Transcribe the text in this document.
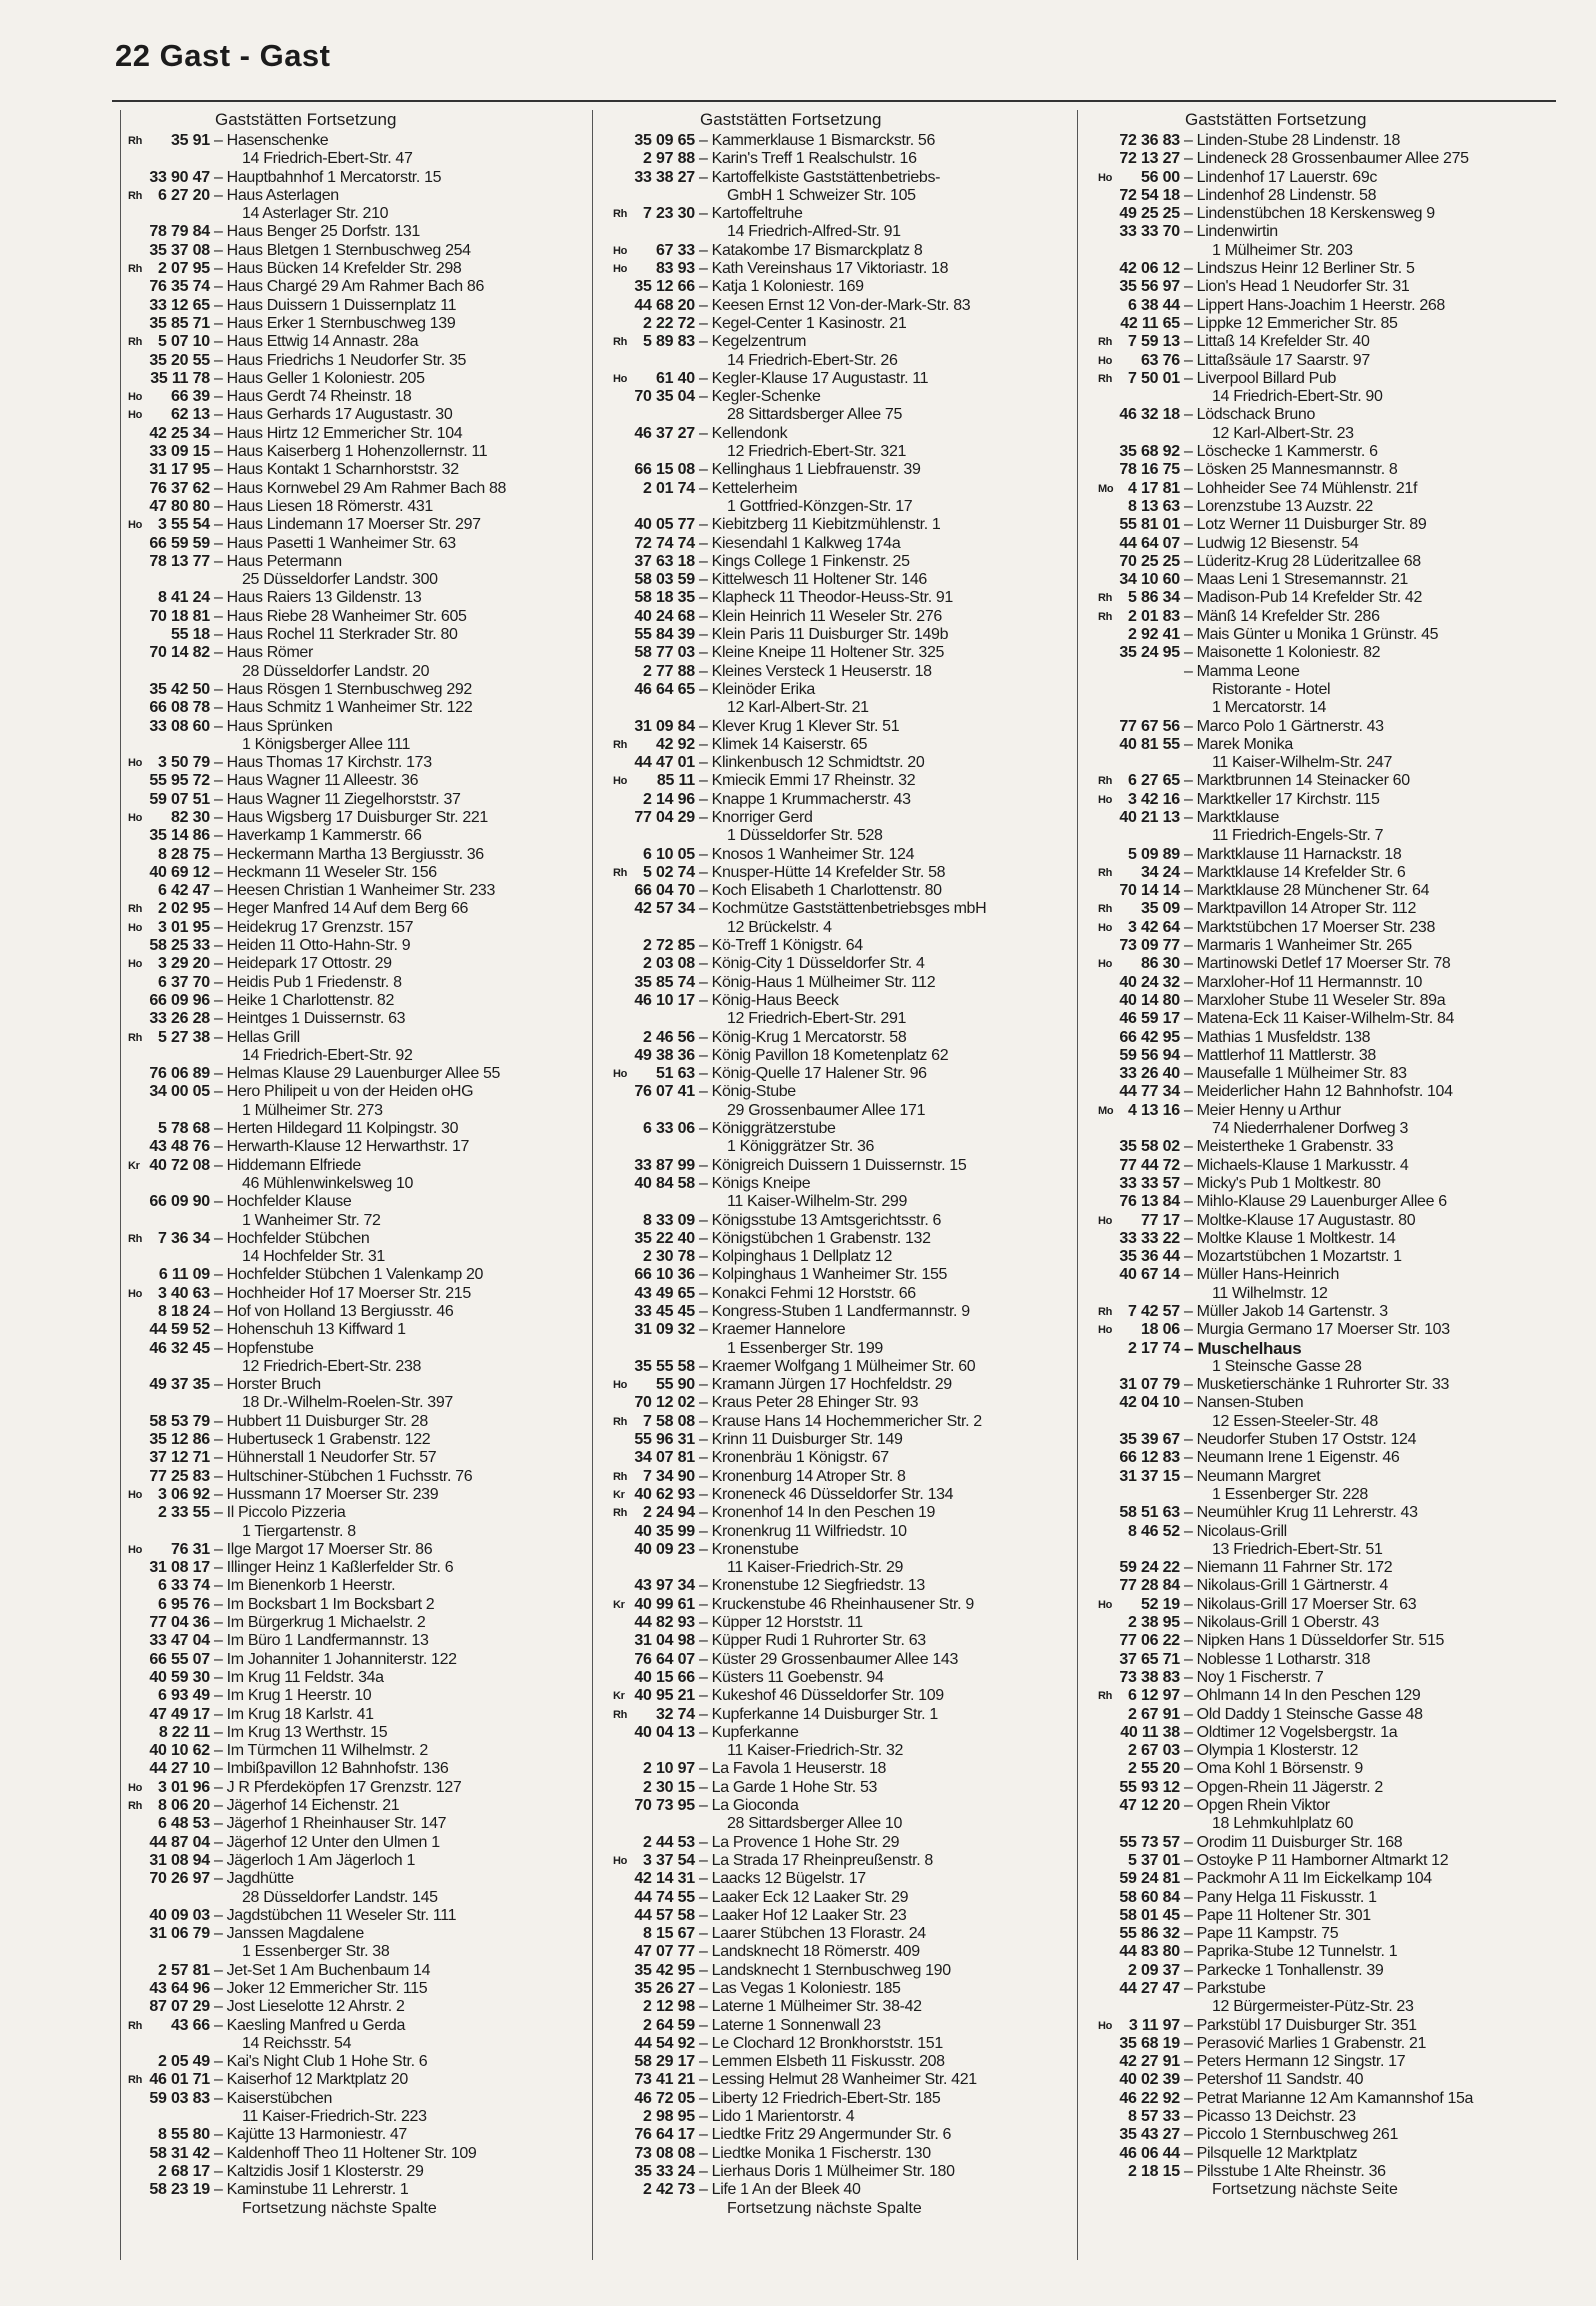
22 Gast - Gast
Gaststätten Fortsetzung
Rh	35 91 – Hasenschenke
14 Friedrich-Ebert-Str. 47
33 90 47 – Hauptbahnhof 1 Mercatorstr. 15
Rh	6 27 20 – Haus Asterlagen
14 Asterlager Str. 210
78 79 84 – Haus Benger 25 Dorfstr. 131
35 37 08 – Haus Bletgen 1 Sternbuschweg 254
Rh	2 07 95 – Haus Bücken 14 Krefelder Str. 298
76 35 74 – Haus Chargé 29 Am Rahmer Bach 86
33 12 65 – Haus Duissern 1 Duissernplatz 11
35 85 71 – Haus Erker 1 Sternbuschweg 139
Rh	5 07 10 – Haus Ettwig 14 Annastr. 28a
35 20 55 – Haus Friedrichs 1 Neudorfer Str. 35
35 11 78 – Haus Geller 1 Koloniestr. 205
Ho	66 39 – Haus Gerdt 74 Rheinstr. 18
Ho	62 13 – Haus Gerhards 17 Augustastr. 30
42 25 34 – Haus Hirtz 12 Emmericher Str. 104
33 09 15 – Haus Kaiserberg 1 Hohenzollernstr. 11
31 17 95 – Haus Kontakt 1 Scharnhorststr. 32
76 37 62 – Haus Kornwebel 29 Am Rahmer Bach 88
47 80 80 – Haus Liesen 18 Römerstr. 431
Ho	3 55 54 – Haus Lindemann 17 Moerser Str. 297
66 59 59 – Haus Pasetti 1 Wanheimer Str. 63
78 13 77 – Haus Petermann
25 Düsseldorfer Landstr. 300
8 41 24 – Haus Raiers 13 Gildenstr. 13
70 18 81 – Haus Riebe 28 Wanheimer Str. 605
55 18 – Haus Rochel 11 Sterkrader Str. 80
70 14 82 – Haus Römer
28 Düsseldorfer Landstr. 20
35 42 50 – Haus Rösgen 1 Sternbuschweg 292
66 08 78 – Haus Schmitz 1 Wanheimer Str. 122
33 08 60 – Haus Sprünken
1 Königsberger Allee 111
Ho	3 50 79 – Haus Thomas 17 Kirchstr. 173
55 95 72 – Haus Wagner 11 Alleestr. 36
59 07 51 – Haus Wagner 11 Ziegelhorststr. 37
Ho	82 30 – Haus Wigsberg 17 Duisburger Str. 221
35 14 86 – Haverkamp 1 Kammerstr. 66
8 28 75 – Heckermann Martha 13 Bergiusstr. 36
40 69 12 – Heckmann 11 Weseler Str. 156
6 42 47 – Heesen Christian 1 Wanheimer Str. 233
Rh	2 02 95 – Heger Manfred 14 Auf dem Berg 66
Ho	3 01 95 – Heidekrug 17 Grenzstr. 157
58 25 33 – Heiden 11 Otto-Hahn-Str. 9
Ho	3 29 20 – Heidepark 17 Ottostr. 29
6 37 70 – Heidis Pub 1 Friedenstr. 8
66 09 96 – Heike 1 Charlottenstr. 82
33 26 28 – Heintges 1 Duissernstr. 63
Rh	5 27 38 – Hellas Grill
14 Friedrich-Ebert-Str. 92
76 06 89 – Helmas Klause 29 Lauenburger Allee 55
34 00 05 – Hero Philipeit u von der Heiden oHG
1 Mülheimer Str. 273
5 78 68 – Herten Hildegard 11 Kolpingstr. 30
43 48 76 – Herwarth-Klause 12 Herwarthstr. 17
Kr 40 72 08 – Hiddemann Elfriede
46 Mühlenwinkelsweg 10
66 09 90 – Hochfelder Klause
1 Wanheimer Str. 72
Rh	7 36 34 – Hochfelder Stübchen
14 Hochfelder Str. 31
6 11 09 – Hochfelder Stübchen 1 Valenkamp 20
Ho	3 40 63 – Hochheider Hof 17 Moerser Str. 215
8 18 24 – Hof von Holland 13 Bergiusstr. 46
44 59 52 – Hohenschuh 13 Kiffward 1
46 32 45 – Hopfenstube
12 Friedrich-Ebert-Str. 238
49 37 35 – Horster Bruch
18 Dr.-Wilhelm-Roelen-Str. 397
58 53 79 – Hubbert 11 Duisburger Str. 28
35 12 86 – Hubertuseck 1 Grabenstr. 122
37 12 71 – Hühnerstall 1 Neudorfer Str. 57
77 25 83 – Hultschiner-Stübchen 1 Fuchsstr. 76
Ho	3 06 92 – Hussmann 17 Moerser Str. 239
2 33 55 – Il Piccolo Pizzeria
1 Tiergartenstr. 8
Ho	76 31 – Ilge Margot 17 Moerser Str. 86
31 08 17 – Illinger Heinz 1 Kaßlerfelder Str. 6
6 33 74 – Im Bienenkorb 1 Heerstr.
6 95 76 – Im Bocksbart 1 Im Bocksbart 2
77 04 36 – Im Bürgerkrug 1 Michaelstr. 2
33 47 04 – Im Büro 1 Landfermannstr. 13
66 55 07 – Im Johanniter 1 Johanniterstr. 122
40 59 30 – Im Krug 11 Feldstr. 34a
6 93 49 – Im Krug 1 Heerstr. 10
47 49 17 – Im Krug 18 Karlstr. 41
8 22 11 – Im Krug 13 Werthstr. 15
40 10 62 – Im Türmchen 11 Wilhelmstr. 2
44 27 10 – Imbißpavillon 12 Bahnhofstr. 136
Ho	3 01 96 – J R Pferdeköpfen 17 Grenzstr. 127
Rh	8 06 20 – Jägerhof 14 Eichenstr. 21
6 48 53 – Jägerhof 1 Rheinhauser Str. 147
44 87 04 – Jägerhof 12 Unter den Ulmen 1
31 08 94 – Jägerloch 1 Am Jägerloch 1
70 26 97 – Jagdhütte
28 Düsseldorfer Landstr. 145
40 09 03 – Jagdstübchen 11 Weseler Str. 111
31 06 79 – Janssen Magdalene
1 Essenberger Str. 38
2 57 81 – Jet-Set 1 Am Buchenbaum 14
43 64 96 – Joker 12 Emmericher Str. 115
87 07 29 – Jost Lieselotte 12 Ahrstr. 2
Rh	43 66 – Kaesling Manfred u Gerda
14 Reichsstr. 54
2 05 49 – Kai's Night Club 1 Hohe Str. 6
Rh 46 01 71 – Kaiserhof 12 Marktplatz 20
59 03 83 – Kaiserstübchen
11 Kaiser-Friedrich-Str. 223
8 55 80 – Kajütte 13 Harmoniestr. 47
58 31 42 – Kaldenhoff Theo 11 Holtener Str. 109
2 68 17 – Kaltzidis Josif 1 Klosterstr. 29
58 23 19 – Kaminstube 11 Lehrerstr. 1
Fortsetzung nächste Spalte
Gaststätten Fortsetzung
35 09 65 – Kammerklause 1 Bismarckstr. 56
2 97 88 – Karin's Treff 1 Realschulstr. 16
33 38 27 – Kartoffelkiste Gaststättenbetriebs-
GmbH 1 Schweizer Str. 105
Rh	7 23 30 – Kartoffeltruhe
14 Friedrich-Alfred-Str. 91
Ho	67 33 – Katakombe 17 Bismarckplatz 8
Ho	83 93 – Kath Vereinshaus 17 Viktoriastr. 18
35 12 66 – Katja 1 Koloniestr. 169
44 68 20 – Keesen Ernst 12 Von-der-Mark-Str. 83
2 22 72 – Kegel-Center 1 Kasinostr. 21
Rh	5 89 83 – Kegelzentrum
14 Friedrich-Ebert-Str. 26
Ho	61 40 – Kegler-Klause 17 Augustastr. 11
70 35 04 – Kegler-Schenke
28 Sittardsberger Allee 75
46 37 27 – Kellendonk
12 Friedrich-Ebert-Str. 321
66 15 08 – Kellinghaus 1 Liebfrauenstr. 39
2 01 74 – Kettelerheim
1 Gottfried-Könzgen-Str. 17
40 05 77 – Kiebitzberg 11 Kiebitzmühlenstr. 1
72 74 74 – Kiesendahl 1 Kalkweg 174a
37 63 18 – Kings College 1 Finkenstr. 25
58 03 59 – Kittelwesch 11 Holtener Str. 146
58 18 35 – Klapheck 11 Theodor-Heuss-Str. 91
40 24 68 – Klein Heinrich 11 Weseler Str. 276
55 84 39 – Klein Paris 11 Duisburger Str. 149b
58 77 03 – Kleine Kneipe 11 Holtener Str. 325
2 77 88 – Kleines Versteck 1 Heuserstr. 18
46 64 65 – Kleinöder Erika
12 Karl-Albert-Str. 21
31 09 84 – Klever Krug 1 Klever Str. 51
Rh	42 92 – Klimek 14 Kaiserstr. 65
44 47 01 – Klinkenbusch 12 Schmidtstr. 20
Ho	85 11 – Kmiecik Emmi 17 Rheinstr. 32
2 14 96 – Knappe 1 Krummacherstr. 43
77 04 29 – Knorriger Gerd
1 Düsseldorfer Str. 528
6 10 05 – Knosos 1 Wanheimer Str. 124
Rh	5 02 74 – Knusper-Hütte 14 Krefelder Str. 58
66 04 70 – Koch Elisabeth 1 Charlottenstr. 80
42 57 34 – Kochmütze Gaststättenbetriebsges mbH
12 Brückelstr. 4
2 72 85 – Kö-Treff 1 Königstr. 64
2 03 08 – König-City 1 Düsseldorfer Str. 4
35 85 74 – König-Haus 1 Mülheimer Str. 112
46 10 17 – König-Haus Beeck
12 Friedrich-Ebert-Str. 291
2 46 56 – König-Krug 1 Mercatorstr. 58
49 38 36 – König Pavillon 18 Kometenplatz 62
Ho	51 63 – König-Quelle 17 Halener Str. 96
76 07 41 – König-Stube
29 Grossenbaumer Allee 171
6 33 06 – Königgrätzerstube
1 Königgrätzer Str. 36
33 87 99 – Königreich Duissern 1 Duissernstr. 15
40 84 58 – Königs Kneipe
11 Kaiser-Wilhelm-Str. 299
8 33 09 – Königsstube 13 Amtsgerichtsstr. 6
35 22 40 – Königstübchen 1 Grabenstr. 132
2 30 78 – Kolpinghaus 1 Dellplatz 12
66 10 36 – Kolpinghaus 1 Wanheimer Str. 155
43 49 65 – Konakci Fehmi 12 Horststr. 66
33 45 45 – Kongress-Stuben 1 Landfermannstr. 9
31 09 32 – Kraemer Hannelore
1 Essenberger Str. 199
35 55 58 – Kraemer Wolfgang 1 Mülheimer Str. 60
Ho	55 90 – Kramann Jürgen 17 Hochfeldstr. 29
70 12 02 – Kraus Peter 28 Ehinger Str. 93
Rh	7 58 08 – Krause Hans 14 Hochemmericher Str. 2
55 96 31 – Krinn 11 Duisburger Str. 149
34 07 81 – Kronenbräu 1 Königstr. 67
Rh	7 34 90 – Kronenburg 14 Atroper Str. 8
Kr 40 62 93 – Kroneneck 46 Düsseldorfer Str. 134
Rh	2 24 94 – Kronenhof 14 In den Peschen 19
40 35 99 – Kronenkrug 11 Wilfriedstr. 10
40 09 23 – Kronenstube
11 Kaiser-Friedrich-Str. 29
43 97 34 – Kronenstube 12 Siegfriedstr. 13
Kr 40 99 61 – Kruckenstube 46 Rheinhausener Str. 9
44 82 93 – Küpper 12 Horststr. 11
31 04 98 – Küpper Rudi 1 Ruhrorter Str. 63
76 64 07 – Küster 29 Grossenbaumer Allee 143
40 15 66 – Küsters 11 Goebenstr. 94
Kr 40 95 21 – Kukeshof 46 Düsseldorfer Str. 109
Rh	32 74 – Kupferkanne 14 Duisburger Str. 1
40 04 13 – Kupferkanne
11 Kaiser-Friedrich-Str. 32
2 10 97 – La Favola 1 Heuserstr. 18
2 30 15 – La Garde 1 Hohe Str. 53
70 73 95 – La Gioconda
28 Sittardsberger Allee 10
2 44 53 – La Provence 1 Hohe Str. 29
Ho	3 37 54 – La Strada 17 Rheinpreußenstr. 8
42 14 31 – Laacks 12 Bügelstr. 17
44 74 55 – Laaker Eck 12 Laaker Str. 29
44 57 58 – Laaker Hof 12 Laaker Str. 23
8 15 67 – Laarer Stübchen 13 Florastr. 24
47 07 77 – Landsknecht 18 Römerstr. 409
35 42 95 – Landsknecht 1 Sternbuschweg 190
35 26 27 – Las Vegas 1 Koloniestr. 185
2 12 98 – Laterne 1 Mülheimer Str. 38-42
2 64 59 – Laterne 1 Sonnenwall 23
44 54 92 – Le Clochard 12 Bronkhorststr. 151
58 29 17 – Lemmen Elsbeth 11 Fiskusstr. 208
73 41 21 – Lessing Helmut 28 Wanheimer Str. 421
46 72 05 – Liberty 12 Friedrich-Ebert-Str. 185
2 98 95 – Lido 1 Marientorstr. 4
76 64 17 – Liedtke Fritz 29 Angermunder Str. 6
73 08 08 – Liedtke Monika 1 Fischerstr. 130
35 33 24 – Lierhaus Doris 1 Mülheimer Str. 180
2 42 73 – Life 1 An der Bleek 40
Fortsetzung nächste Spalte
Gaststätten Fortsetzung
72 36 83 – Linden-Stube 28 Lindenstr. 18
72 13 27 – Lindeneck 28 Grossenbaumer Allee 275
Ho	56 00 – Lindenhof 17 Lauerstr. 69c
72 54 18 – Lindenhof 28 Lindenstr. 58
49 25 25 – Lindenstübchen 18 Kerskensweg 9
33 33 70 – Lindenwirtin
1 Mülheimer Str. 203
42 06 12 – Lindszus Heinr 12 Berliner Str. 5
35 56 97 – Lion's Head 1 Neudorfer Str. 31
6 38 44 – Lippert Hans-Joachim 1 Heerstr. 268
42 11 65 – Lippke 12 Emmericher Str. 85
Rh	7 59 13 – Littaß 14 Krefelder Str. 40
Ho	63 76 – Littaßsäule 17 Saarstr. 97
Rh	7 50 01 – Liverpool Billard Pub
14 Friedrich-Ebert-Str. 90
46 32 18 – Lödschack Bruno
12 Karl-Albert-Str. 23
35 68 92 – Löschecke 1 Kammerstr. 6
78 16 75 – Lösken 25 Mannesmannstr. 8
Mo 4 17 81 – Lohheider See 74 Mühlenstr. 21f
8 13 63 – Lorenzstube 13 Auzstr. 22
55 81 01 – Lotz Werner 11 Duisburger Str. 89
44 64 07 – Ludwig 12 Biesenstr. 54
70 25 25 – Lüderitz-Krug 28 Lüderitzallee 68
34 10 60 – Maas Leni 1 Stresemannstr. 21
Rh	5 86 34 – Madison-Pub 14 Krefelder Str. 42
Rh	2 01 83 – Mänß 14 Krefelder Str. 286
2 92 41 – Mais Günter u Monika 1 Grünstr. 45
35 24 95 – Maisonette 1 Koloniestr. 82
– Mamma Leone
Ristorante - Hotel
1 Mercatorstr. 14
77 67 56 – Marco Polo 1 Gärtnerstr. 43
40 81 55 – Marek Monika
11 Kaiser-Wilhelm-Str. 247
Rh	6 27 65 – Marktbrunnen 14 Steinacker 60
Ho	3 42 16 – Marktkeller 17 Kirchstr. 115
40 21 13 – Marktklause
11 Friedrich-Engels-Str. 7
5 09 89 – Marktklause 11 Harnackstr. 18
Rh	34 24 – Marktklause 14 Krefelder Str. 6
70 14 14 – Marktklause 28 Münchener Str. 64
Rh	35 09 – Marktpavillon 14 Atroper Str. 112
Ho	3 42 64 – Marktstübchen 17 Moerser Str. 238
73 09 77 – Marmaris 1 Wanheimer Str. 265
Ho	86 30 – Martinowski Detlef 17 Moerser Str. 78
40 24 32 – Marxloher-Hof 11 Hermannstr. 10
40 14 80 – Marxloher Stube 11 Weseler Str. 89a
46 59 17 – Matena-Eck 11 Kaiser-Wilhelm-Str. 84
66 42 95 – Mathias 1 Musfeldstr. 138
59 56 94 – Mattlerhof 11 Mattlerstr. 38
33 26 40 – Mausefalle 1 Mülheimer Str. 83
44 77 34 – Meiderlicher Hahn 12 Bahnhofstr. 104
Mo 4 13 16 – Meier Henny u Arthur
74 Niederrhalener Dorfweg 3
35 58 02 – Meistertheke 1 Grabenstr. 33
77 44 72 – Michaels-Klause 1 Markusstr. 4
33 33 57 – Micky's Pub 1 Moltkestr. 80
76 13 84 – Mihlo-Klause 29 Lauenburger Allee 6
Ho	77 17 – Moltke-Klause 17 Augustastr. 80
33 33 22 – Moltke Klause 1 Moltkestr. 14
35 36 44 – Mozartstübchen 1 Mozartstr. 1
40 67 14 – Müller Hans-Heinrich
11 Wilhelmstr. 12
Rh	7 42 57 – Müller Jakob 14 Gartenstr. 3
Ho	18 06 – Murgia Germano 17 Moerser Str. 103
2 17 74 – Muschelhaus
1 Steinsche Gasse 28
31 07 79 – Musketierschänke 1 Ruhrorter Str. 33
42 04 10 – Nansen-Stuben
12 Essen-Steeler-Str. 48
35 39 67 – Neudorfer Stuben 17 Oststr. 124
66 12 83 – Neumann Irene 1 Eigenstr. 46
31 37 15 – Neumann Margret
1 Essenberger Str. 228
58 51 63 – Neumühler Krug 11 Lehrerstr. 43
8 46 52 – Nicolaus-Grill
13 Friedrich-Ebert-Str. 51
59 24 22 – Niemann 11 Fahrner Str. 172
77 28 84 – Nikolaus-Grill 1 Gärtnerstr. 4
Ho	52 19 – Nikolaus-Grill 17 Moerser Str. 63
2 38 95 – Nikolaus-Grill 1 Oberstr. 43
77 06 22 – Nipken Hans 1 Düsseldorfer Str. 515
37 65 71 – Noblesse 1 Lotharstr. 318
73 38 83 – Noy 1 Fischerstr. 7
Rh	6 12 97 – Ohlmann 14 In den Peschen 129
2 67 91 – Old Daddy 1 Steinsche Gasse 48
40 11 38 – Oldtimer 12 Vogelsbergstr. 1a
2 67 03 – Olympia 1 Klosterstr. 12
2 55 20 – Oma Kohl 1 Börsenstr. 9
55 93 12 – Opgen-Rhein 11 Jägerstr. 2
47 12 20 – Opgen Rhein Viktor
18 Lehmkuhlplatz 60
55 73 57 – Orodim 11 Duisburger Str. 168
5 37 01 – Ostoyke P 11 Hamborner Altmarkt 12
59 24 81 – Packmohr A 11 Im Eickelkamp 104
58 60 84 – Pany Helga 11 Fiskusstr. 1
58 01 45 – Pape 11 Holtener Str. 301
55 86 32 – Pape 11 Kampstr. 75
44 83 80 – Paprika-Stube 12 Tunnelstr. 1
2 09 37 – Parkecke 1 Tonhallenstr. 39
44 27 47 – Parkstube
12 Bürgermeister-Pütz-Str. 23
Ho	3 11 97 – Parkstübl 17 Duisburger Str. 351
35 68 19 – Perasović Marlies 1 Grabenstr. 21
42 27 91 – Peters Hermann 12 Singstr. 17
40 02 39 – Petershof 11 Sandstr. 40
46 22 92 – Petrat Marianne 12 Am Kamannshof 15a
8 57 33 – Picasso 13 Deichstr. 23
35 43 27 – Piccolo 1 Sternbuschweg 261
46 06 44 – Pilsquelle 12 Marktplatz
2 18 15 – Pilsstube 1 Alte Rheinstr. 36
Fortsetzung nächste Seite
